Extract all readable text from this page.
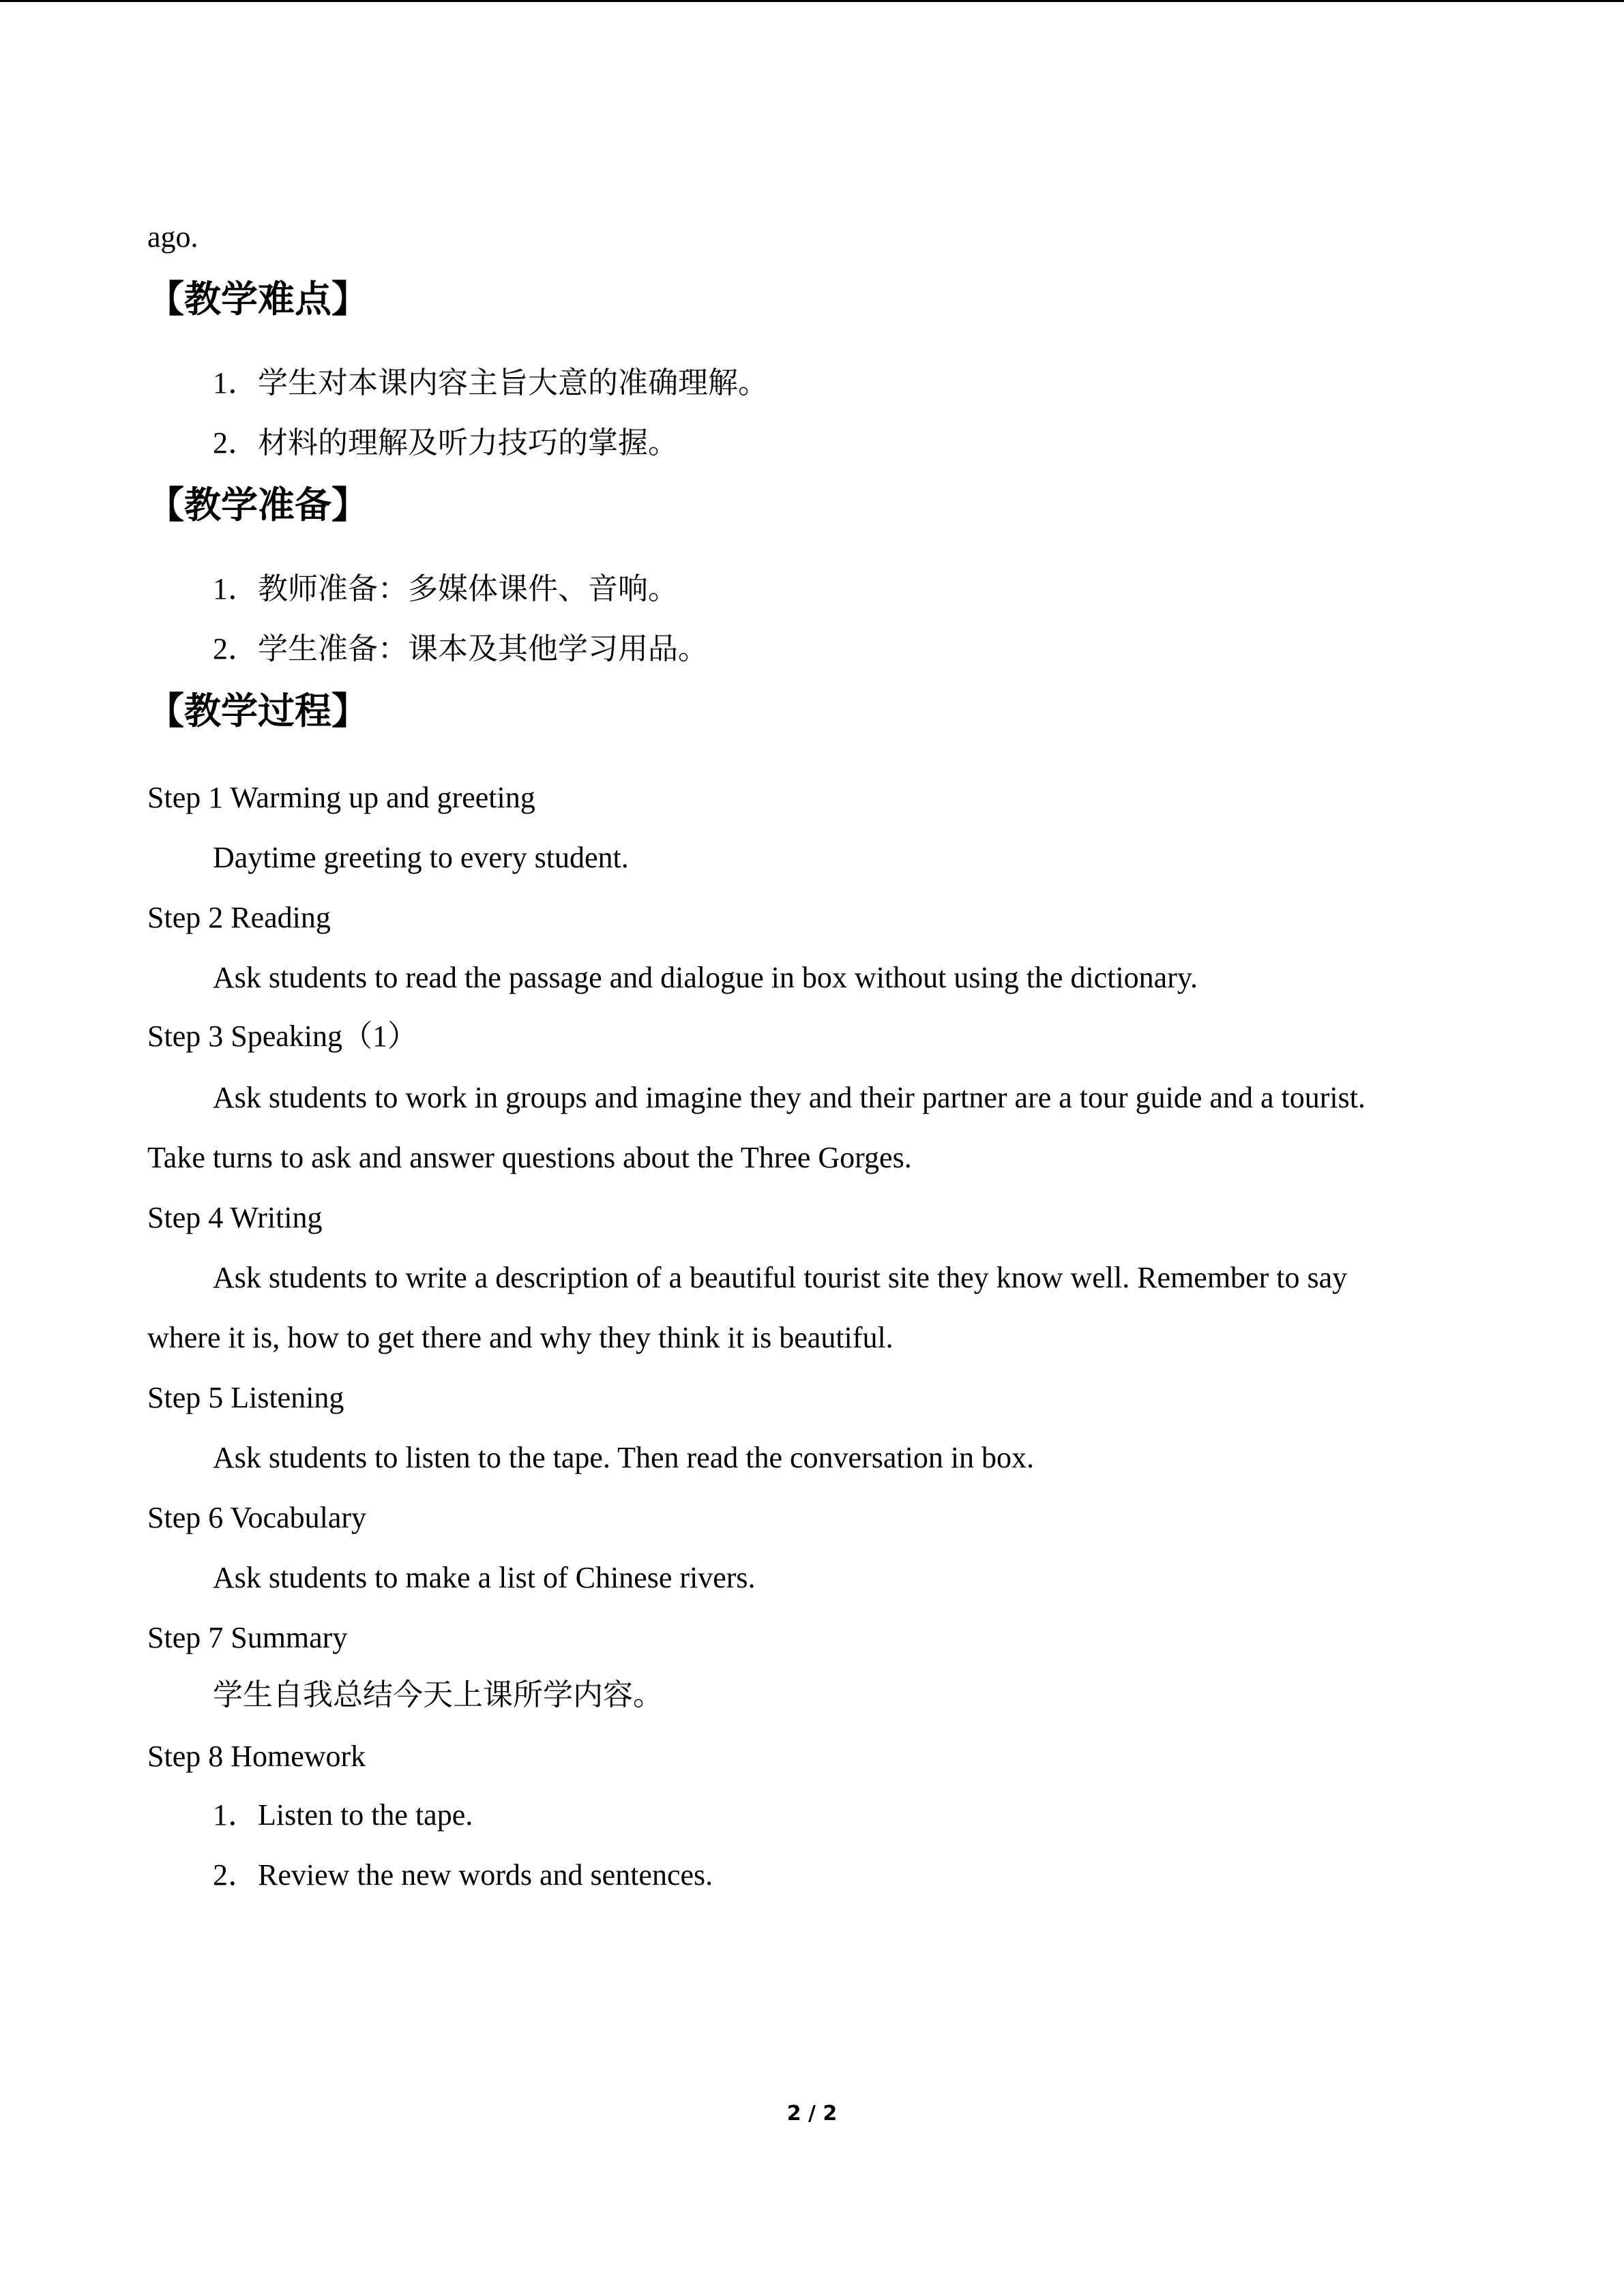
ago.
【教学难点】
1．学生对本课内容主旨大意的准确理解。
2．材料的理解及听力技巧的掌握。
【教学准备】
1．教师准备：多媒体课件、音响。
2．学生准备：课本及其他学习用品。
【教学过程】
Step 1 Warming up and greeting
Daytime greeting to every student.
Step 2 Reading
Ask students to read the passage and dialogue in box without using the dictionary.
Step 3 Speaking（1）
Ask students to work in groups and imagine they and their partner are a tour guide and a tourist.
Take turns to ask and answer questions about the Three Gorges.
Step 4 Writing
Ask students to write a description of a beautiful tourist site they know well. Remember to say
where it is, how to get there and why they think it is beautiful.
Step 5 Listening
Ask students to listen to the tape. Then read the conversation in box.
Step 6 Vocabulary
Ask students to make a list of Chinese rivers.
Step 7 Summary
学生自我总结今天上课所学内容。
Step 8 Homework
1．Listen to the tape.
2．Review the new words and sentences.
2 / 2
